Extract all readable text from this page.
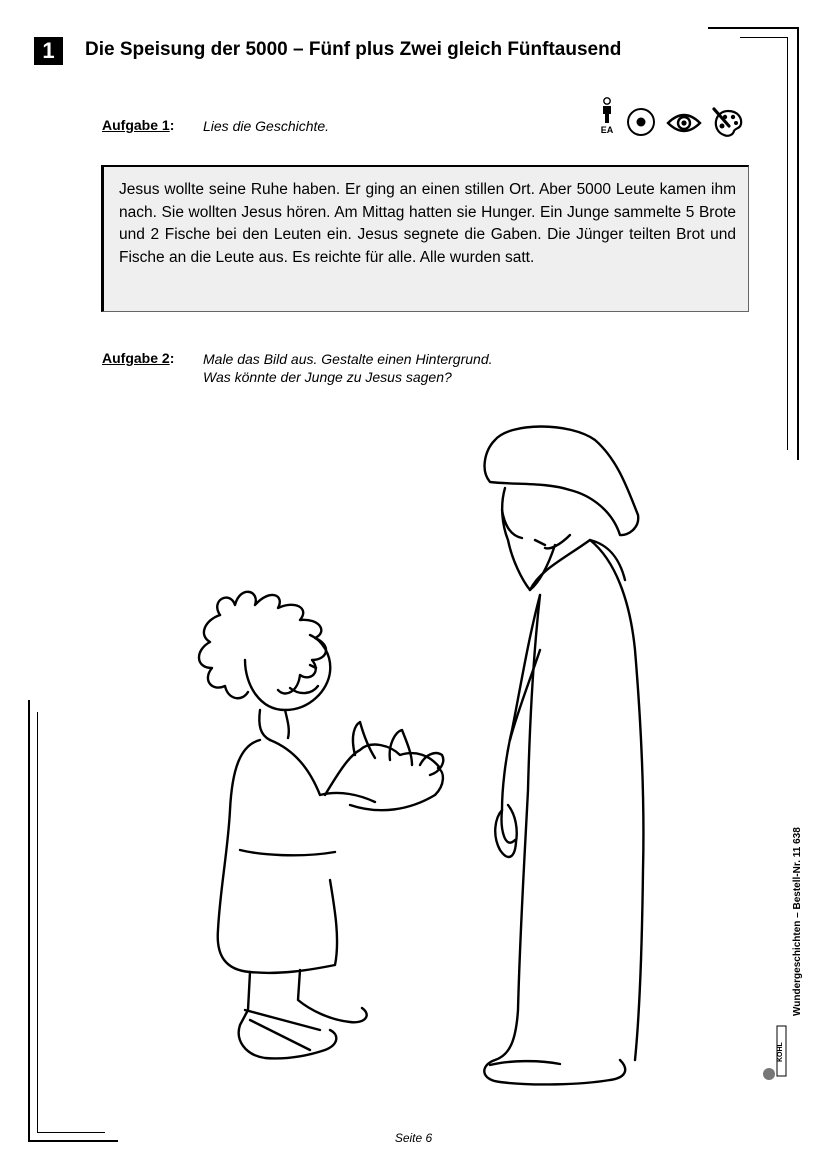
1	Die Speisung der 5000 – Fünf plus Zwei gleich Fünftausend
Aufgabe 1: Lies die Geschichte.	EA
Jesus wollte seine Ruhe haben. Er ging an einen stillen Ort. Aber 5000 Leute kamen ihm nach. Sie wollten Jesus hören. Am Mittag hatten sie Hunger. Ein Junge sammelte 5 Brote und 2 Fische bei den Leuten ein. Jesus segnete die Gaben. Die Jünger teilten Brot und Fische an die Leute aus. Es reichte für alle. Alle wurden satt.
Aufgabe 2: Male das Bild aus. Gestalte einen Hintergrund.
Was könnte der Junge zu Jesus sagen?
Wundergeschichten – Bestell-Nr. 11 638
KOHL
Seite 6
